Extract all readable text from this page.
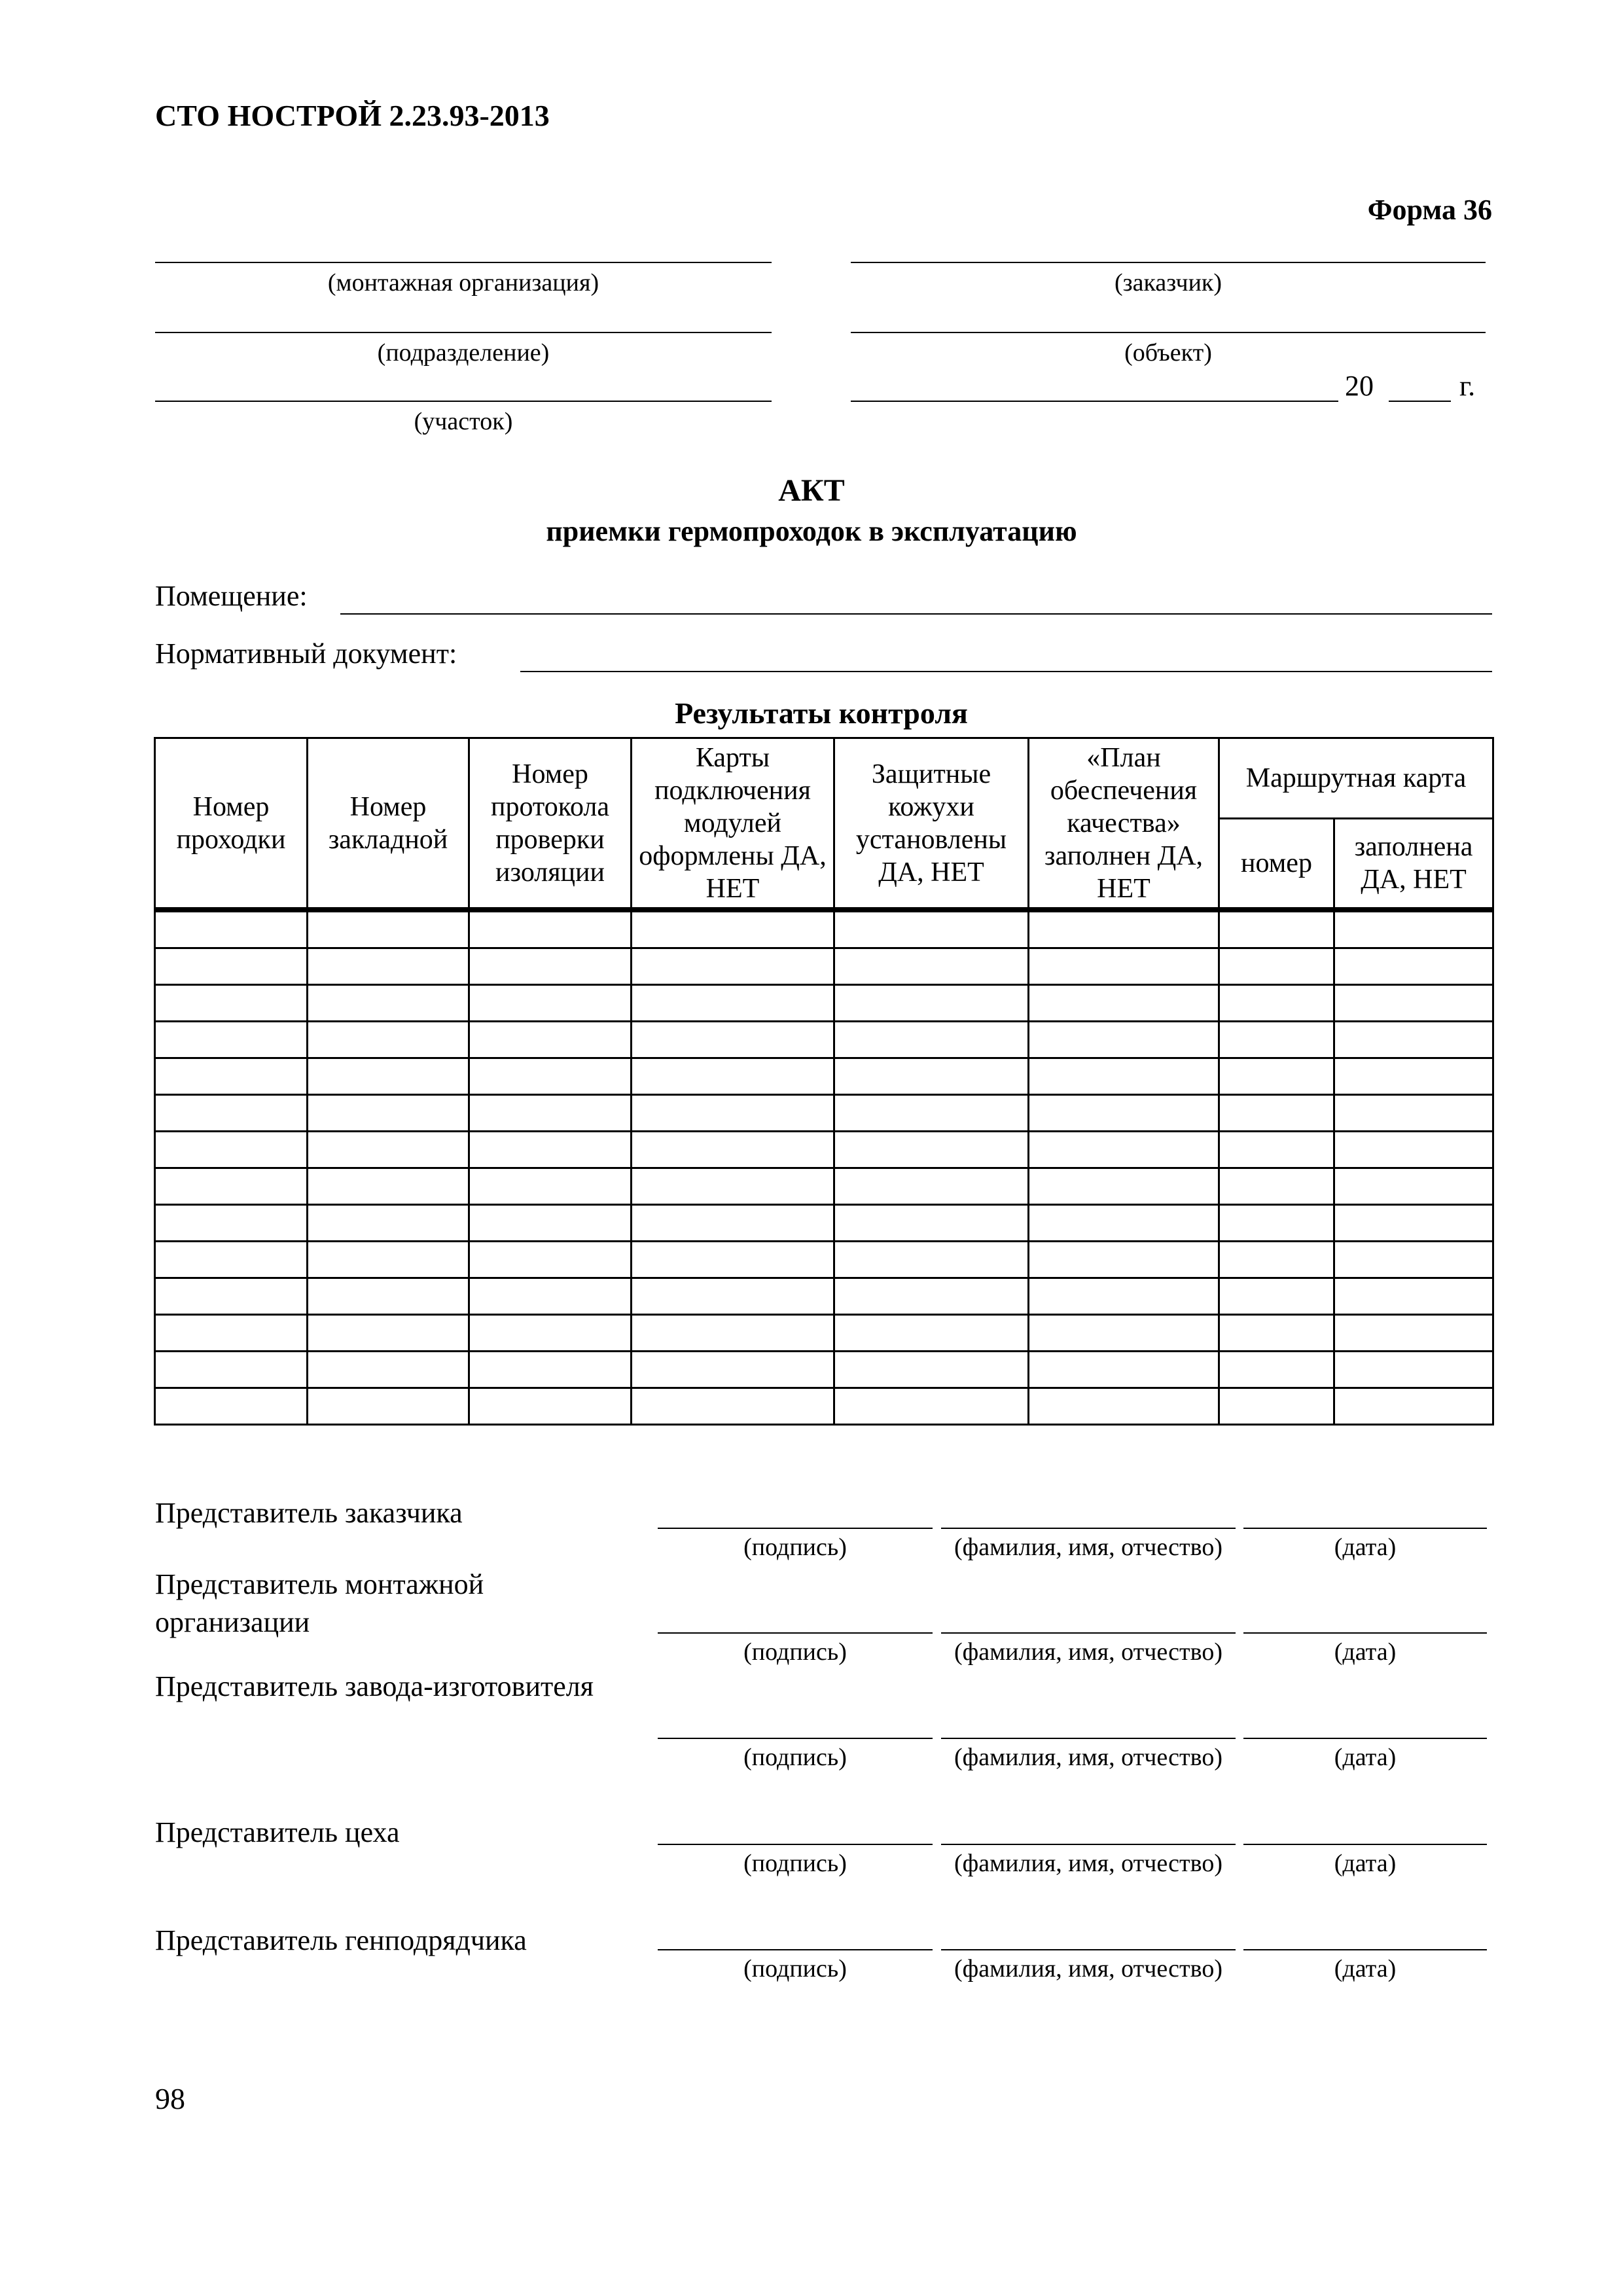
СТО НОСТРОЙ 2.23.93-2013
Форма 36
(монтажная организация)
(подразделение)
(участок)
(заказчик)
(объект)
20	г.
АКТ
приемки гермопроходок в эксплуатацию
Помещение:
Нормативный документ:
Результаты контроля
Номер проходки	Номер закладной	Номер протокола проверки изоляции	Карты подключения модулей оформлены ДА, НЕТ	Защитные кожухи установлены ДА, НЕТ	«План обеспечения качества» заполнен ДА, НЕТ	Маршрутная карта	
						номер	заполнена ДА, НЕТ

Представитель заказчика
(подпись)	(фамилия, имя, отчество)	(дата)
Представитель монтажной организации
(подпись)	(фамилия, имя, отчество)	(дата)
Представитель завода-изготовителя
(подпись)	(фамилия, имя, отчество)	(дата)
Представитель цеха
(подпись)	(фамилия, имя, отчество)	(дата)
Представитель генподрядчика
(подпись)	(фамилия, имя, отчество)	(дата)
98
